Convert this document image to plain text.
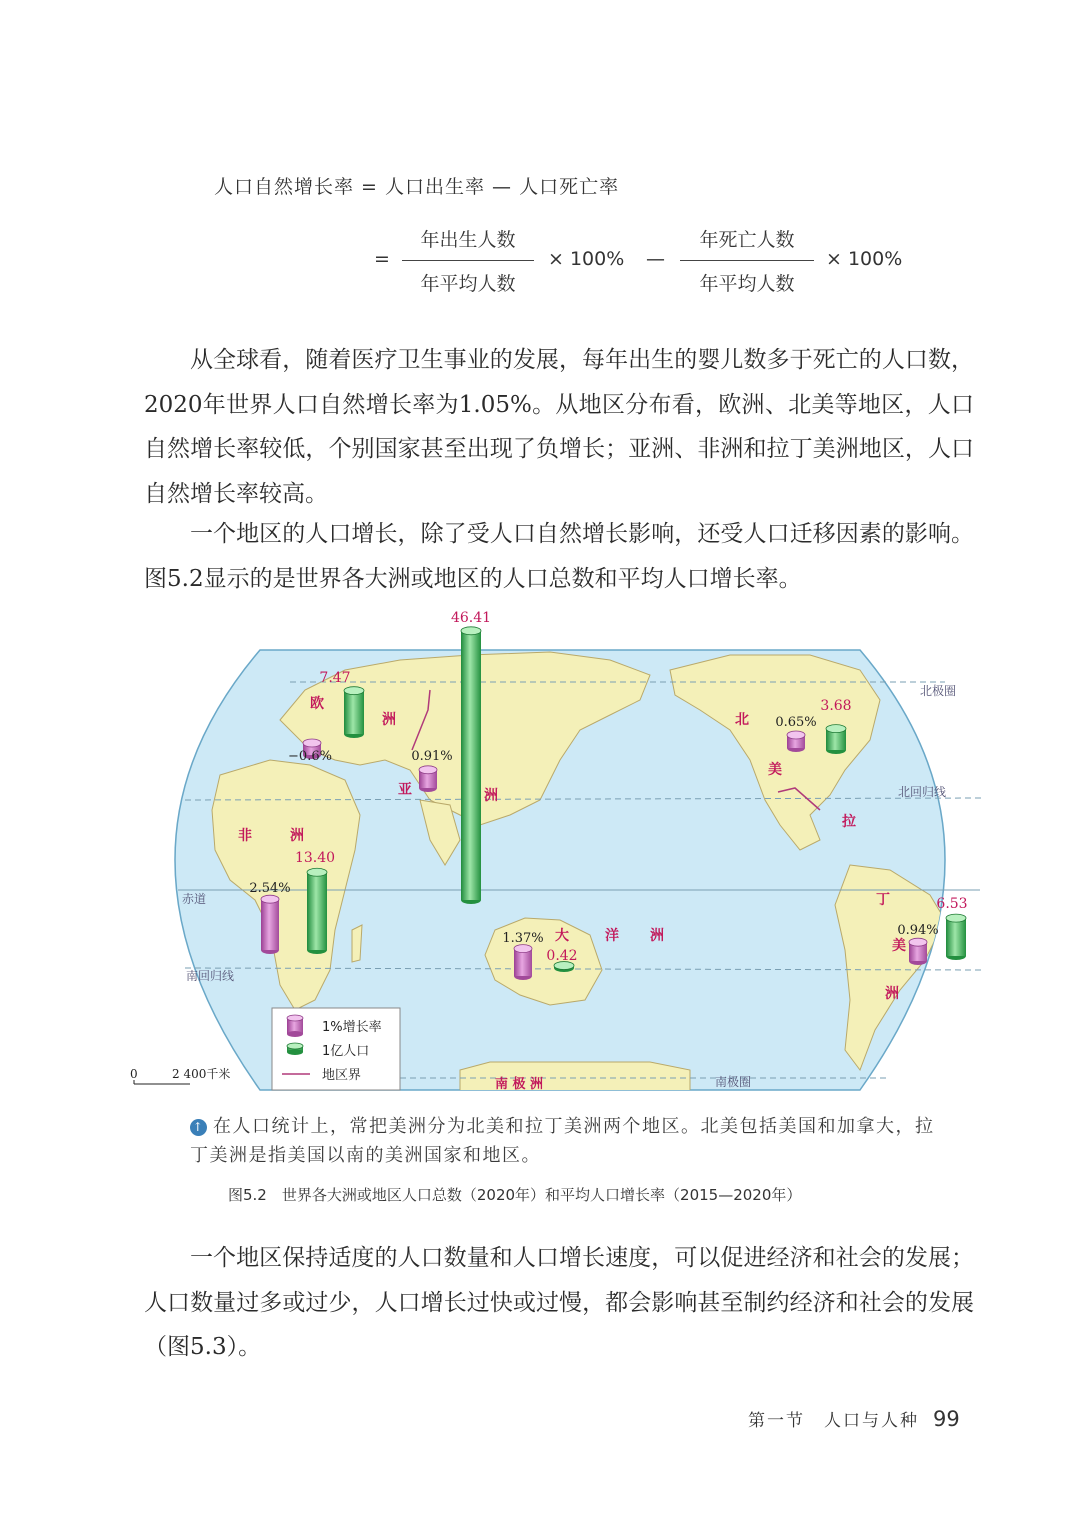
人口自然增长率 = 人口出生率 — 人口死亡率
=
年出生人数
年平均人数
× 100% —
年死亡人数
年平均人数
× 100%

从全球看，随着医疗卫生事业的发展，每年出生的婴儿数多于死亡的人口数，2020年世界人口自然增长率为1.05%。从地区分布看，欧洲、北美等地区，人口自然增长率较低，个别国家甚至出现了负增长；亚洲、非洲和拉丁美洲地区，人口自然增长率较高。

一个地区的人口增长，除了受人口自然增长影响，还受人口迁移因素的影响。图5.2显示的是世界各大洲或地区的人口总数和平均人口增长率。

北极圈
北回归线
赤道
南回归线
南极圈
南 极 洲
欧
洲
亚	洲
非	洲
大	洋 洲
北
美
拉
丁
美
洲
7.47
−0.6%
46.41
0.91%
13.40
2.54%
0.42
1.37%
3.68
0.65%
6.53
0.94%
1%增长率
1亿人口
地区界
0	2 400千米
↑ 在人口统计上，常把美洲分为北美和拉丁美洲两个地区。北美包括美国和加拿大，拉丁美洲是指美国以南的美洲国家和地区。
图5.2　世界各大洲或地区人口总数（2020年）和平均人口增长率（2015—2020年）

一个地区保持适度的人口数量和人口增长速度，可以促进经济和社会的发展；人口数量过多或过少，人口增长过快或过慢，都会影响甚至制约经济和社会的发展（图5.3）。

第一节　人口与人种 99
